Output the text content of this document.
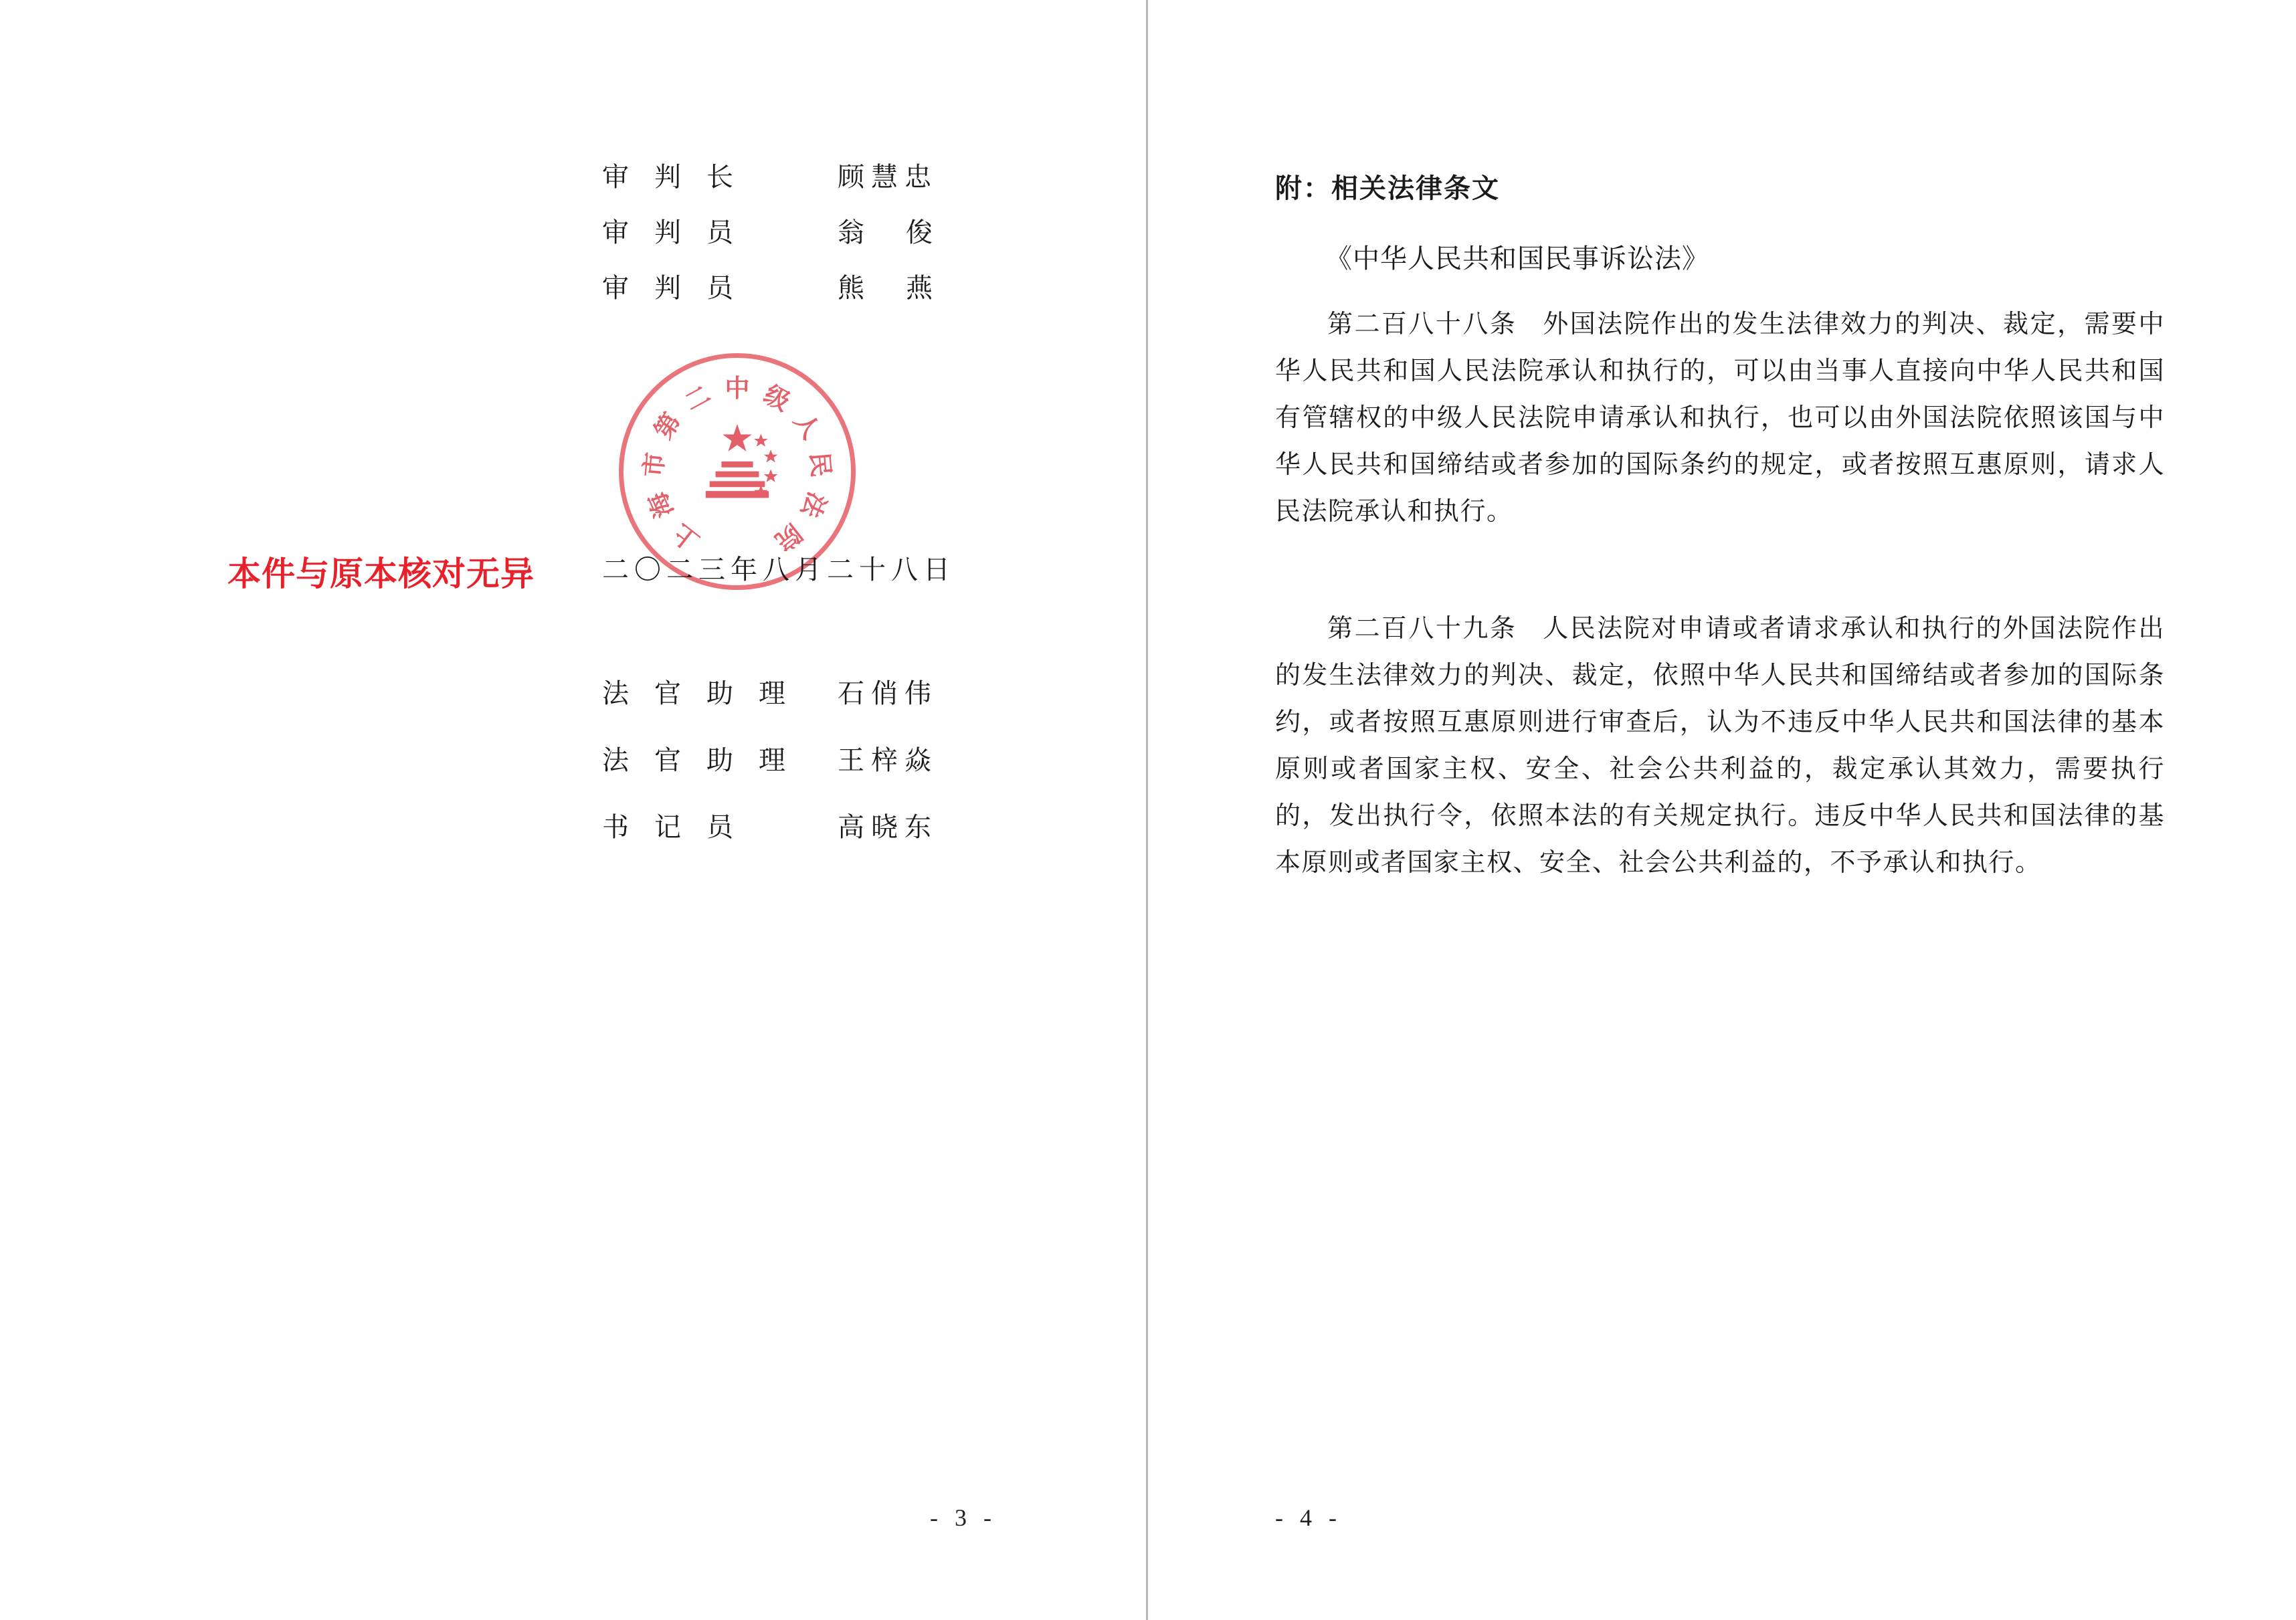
审 判 长	顾慧忠
审 判 员	翁 俊
审 判 员	熊 燕
上
海
市
第
二 中 级
人
民
法
院
本件与原本核对无异	二〇二三年八月二十八日
法 官 助 理 石俏伟
法 官 助 理 王梓焱
书 记 员	高晓东
- 3 -
附：相关法律条文
《中华人民共和国民事诉讼法》
第二百八十八条 外国法院作出的发生法律效力的判决、裁定，需要中华人民共和国人民法院承认和执行的，可以由当事人直接向中华人民共和国有管辖权的中级人民法院申请承认和执行，也可以由外国法院依照该国与中华人民共和国缔结或者参加的国际条约的规定，或者按照互惠原则，请求人民法院承认和执行。
第二百八十九条 人民法院对申请或者请求承认和执行的外国法院作出的发生法律效力的判决、裁定，依照中华人民共和国缔结或者参加的国际条约，或者按照互惠原则进行审查后，认为不违反中华人民共和国法律的基本原则或者国家主权、安全、社会公共利益的，裁定承认其效力，需要执行的，发出执行令，依照本法的有关规定执行。违反中华人民共和国法律的基本原则或者国家主权、安全、社会公共利益的，不予承认和执行。
- 4 -
